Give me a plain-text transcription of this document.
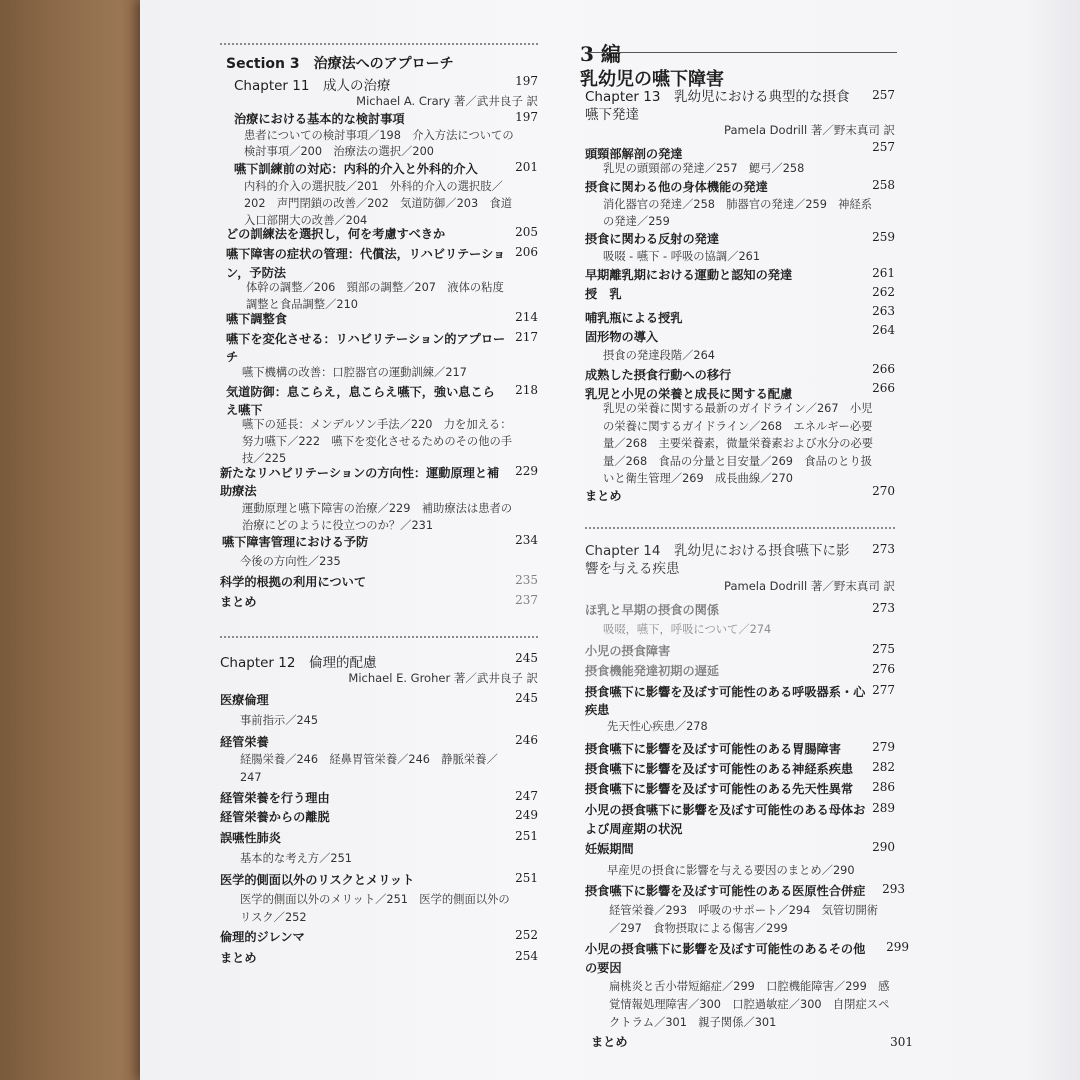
Section 3　治療法へのアプローチ
Chapter 11　成人の治療	197
Michael A. Crary 著／武井良子 訳
治療における基本的な検討事項	197
患者についての検討事項／198　介入方法についての検討事項／200　治療法の選択／200
嚥下訓練前の対応：内科的介入と外科的介入	201
内科的介入の選択肢／201　外科的介入の選択肢／202　声門閉鎖の改善／202　気道防御／203　食道入口部開大の改善／204
どの訓練法を選択し，何を考慮すべきか	205
嚥下障害の症状の管理：代償法，リハビリテーション，予防法
206
体幹の調整／206　頸部の調整／207　液体の粘度調整と食品調整／210
嚥下調整食	214
嚥下を変化させる：リハビリテーション的アプローチ
217
嚥下機構の改善：口腔器官の運動訓練／217
気道防御：息こらえ，息こらえ嚥下，強い息こらえ嚥下
218
嚥下の延長：メンデルソン手法／220　力を加える：努力嚥下／222　嚥下を変化させるためのその他の手技／225
新たなリハビリテーションの方向性：運動原理と補助療法
229
運動原理と嚥下障害の治療／229　補助療法は患者の治療にどのように役立つのか？／231
嚥下障害管理における予防	234
今後の方向性／235
科学的根拠の利用について	235
まとめ	237
Chapter 12　倫理的配慮	245
Michael E. Groher 著／武井良子 訳
医療倫理	245
事前指示／245
経管栄養	246
経腸栄養／246　経鼻胃管栄養／246　静脈栄養／247
経管栄養を行う理由	247
経管栄養からの離脱	249
誤嚥性肺炎	251
基本的な考え方／251
医学的側面以外のリスクとメリット	251
医学的側面以外のメリット／251　医学的側面以外のリスク／252
倫理的ジレンマ	252
まとめ	254
3 編
乳幼児の嚥下障害
Chapter 13　乳幼児における典型的な摂食嚥下発達
257
Pamela Dodrill 著／野末真司 訳
頭頸部解剖の発達	257
乳児の頭頸部の発達／257　鰓弓／258
摂食に関わる他の身体機能の発達	258
消化器官の発達／258　肺器官の発達／259　神経系の発達／259
摂食に関わる反射の発達	259
吸啜 - 嚥下 - 呼吸の協調／261
早期離乳期における運動と認知の発達	261
授　乳	262
哺乳瓶による授乳	263
固形物の導入	264
摂食の発達段階／264
成熟した摂食行動への移行	266
乳児と小児の栄養と成長に関する配慮	266
乳児の栄養に関する最新のガイドライン／267　小児の栄養に関するガイドライン／268　エネルギー必要量／268　主要栄養素，微量栄養素および水分の必要量／268　食品の分量と目安量／269　食品のとり扱いと衛生管理／269　成長曲線／270
まとめ	270
Chapter 14　乳幼児における摂食嚥下に影響を与える疾患
273
Pamela Dodrill 著／野末真司 訳
ほ乳と早期の摂食の関係	273
吸啜，嚥下，呼吸について／274
小児の摂食障害	275
摂食機能発達初期の遅延	276
摂食嚥下に影響を及ぼす可能性のある呼吸器系・心疾患
277
先天性心疾患／278
摂食嚥下に影響を及ぼす可能性のある胃腸障害	279
摂食嚥下に影響を及ぼす可能性のある神経系疾患 282
摂食嚥下に影響を及ぼす可能性のある先天性異常 286
小児の摂食嚥下に影響を及ぼす可能性のある母体および周産期の状況
289
妊娠期間	290
早産児の摂食に影響を与える要因のまとめ／290
摂食嚥下に影響を及ぼす可能性のある医原性合併症 293
経管栄養／293　呼吸のサポート／294　気管切開術／297　食物摂取による傷害／299
小児の摂食嚥下に影響を及ぼす可能性のあるその他の要因
299
扁桃炎と舌小帯短縮症／299　口腔機能障害／299　感覚情報処理障害／300　口腔過敏症／300　自閉症スペクトラム／301　親子関係／301
まとめ	301
